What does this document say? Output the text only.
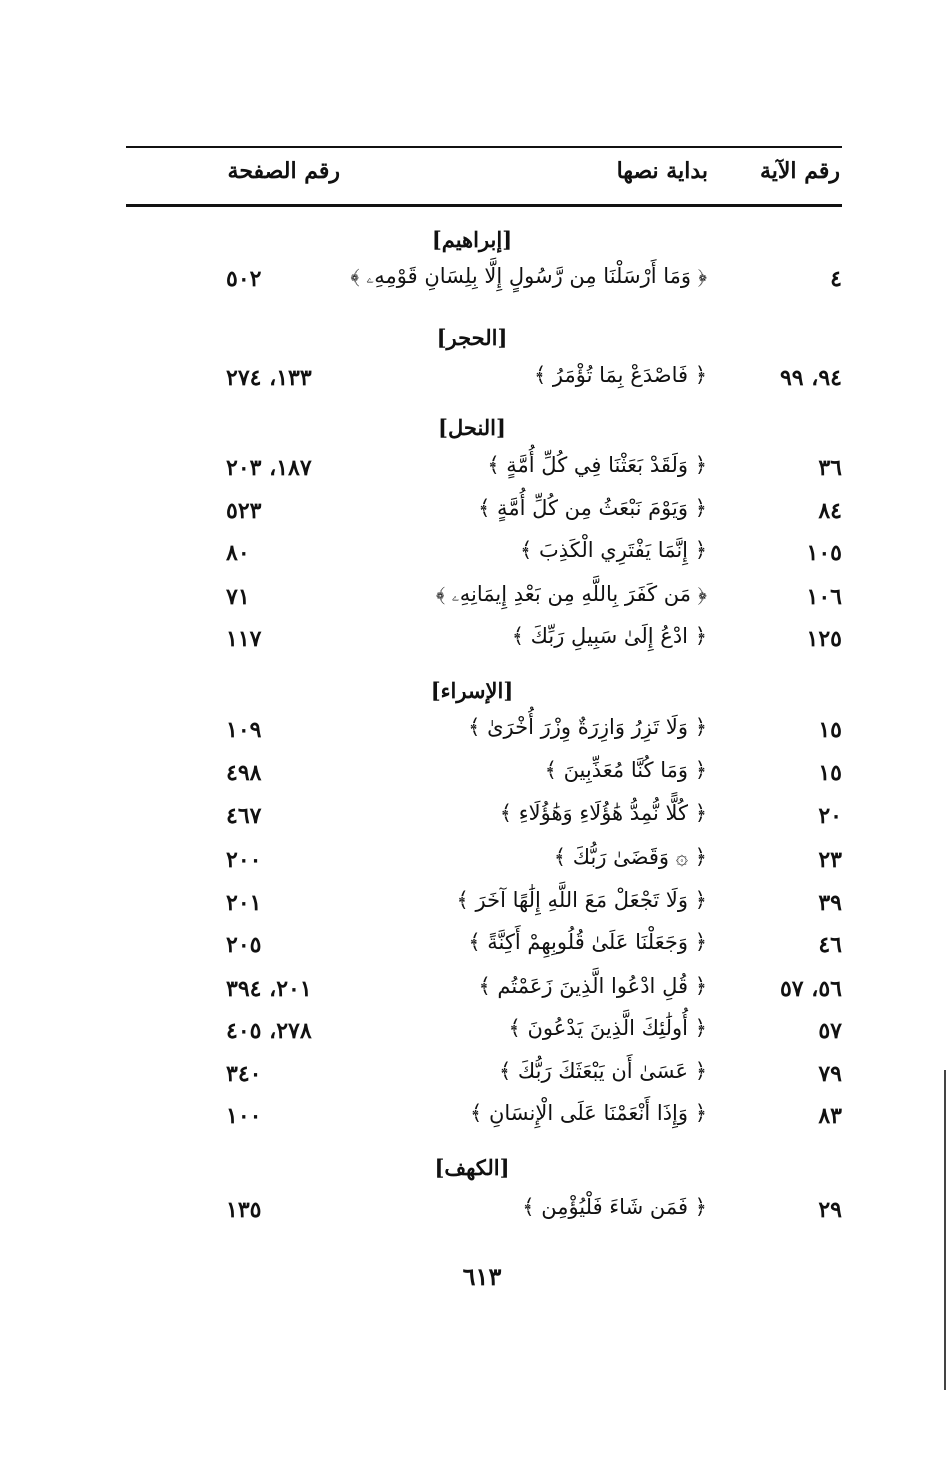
رقم الآية
بداية نصها
رقم الصفحة
[إبراهيم]
٤
﴿ وَمَا أَرْسَلْنَا مِن رَّسُولٍ إِلَّا بِلِسَانِ قَوْمِهِۦ ﴾
٥٠٢
[الحجر]
٩٤، ٩٩
﴿ فَاصْدَعْ بِمَا تُؤْمَرُ ﴾
١٣٣، ٢٧٤
[النحل]
٣٦
﴿ وَلَقَدْ بَعَثْنَا فِي كُلِّ أُمَّةٍ ﴾
١٨٧، ٢٠٣
٨٤
﴿ وَيَوْمَ نَبْعَثُ مِن كُلِّ أُمَّةٍ ﴾
٥٢٣
١٠٥
﴿ إِنَّمَا يَفْتَرِي الْكَذِبَ ﴾
٨٠
١٠٦
﴿ مَن كَفَرَ بِاللَّهِ مِن بَعْدِ إِيمَانِهِۦ ﴾
٧١
١٢٥
﴿ ادْعُ إِلَىٰ سَبِيلِ رَبِّكَ ﴾
١١٧
[الإسراء]
١٥
﴿ وَلَا تَزِرُ وَازِرَةٌ وِزْرَ أُخْرَىٰ ﴾
١٠٩
١٥
﴿ وَمَا كُنَّا مُعَذِّبِينَ ﴾
٤٩٨
٢٠
﴿ كُلًّا نُّمِدُّ هَٰؤُلَاءِ وَهَٰؤُلَاءِ ﴾
٤٦٧
٢٣
﴿ ۞ وَقَضَىٰ رَبُّكَ ﴾
٢٠٠
٣٩
﴿ وَلَا تَجْعَلْ مَعَ اللَّهِ إِلَٰهًا آخَرَ ﴾
٢٠١
٤٦
﴿ وَجَعَلْنَا عَلَىٰ قُلُوبِهِمْ أَكِنَّةً ﴾
٢٠٥
٥٦، ٥٧
﴿ قُلِ ادْعُوا الَّذِينَ زَعَمْتُم ﴾
٢٠١، ٣٩٤
٥٧
﴿ أُولَٰئِكَ الَّذِينَ يَدْعُونَ ﴾
٢٧٨، ٤٠٥
٧٩
﴿ عَسَىٰ أَن يَبْعَثَكَ رَبُّكَ ﴾
٣٤٠
٨٣
﴿ وَإِذَا أَنْعَمْنَا عَلَى الْإِنسَانِ ﴾
١٠٠
[الكهف]
٢٩
﴿ فَمَن شَاءَ فَلْيُؤْمِن ﴾
١٣٥
٦١٣
